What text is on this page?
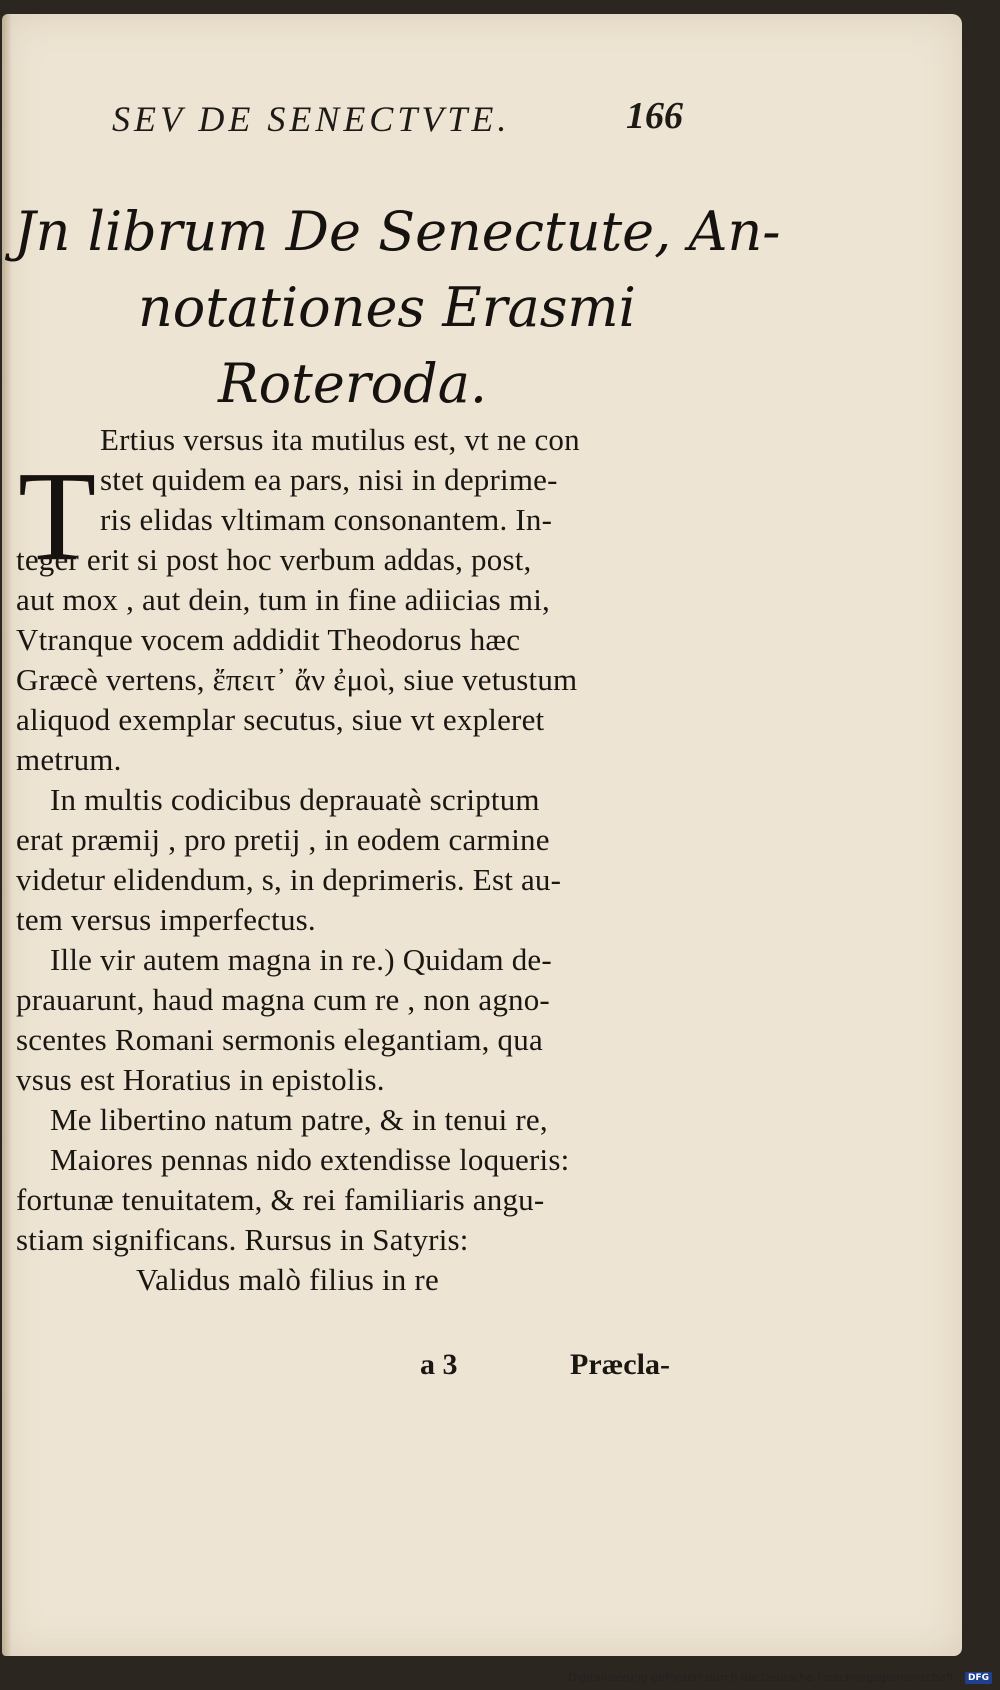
SEV DE SENECTVTE.	166
Jn librum De Senectute, An-
notationes Erasmi
Roteroda.
T
Ertius versus ita mutilus est, vt ne con
stet quidem ea pars, nisi in deprime-
ris elidas vltimam consonantem. In-
teger erit si post hoc verbum addas, post,
aut mox , aut dein, tum in fine adiicias mi,
Vtranque vocem addidit Theodorus hæc
Græcè vertens, ἔπειτ᾽ ἄν ἐμοὶ, siue vetustum
aliquod exemplar secutus, siue vt expleret
metrum.
In multis codicibus deprauatè scriptum
erat præmij , pro pretij , in eodem carmine
videtur elidendum, s, in deprimeris. Est au-
tem versus imperfectus.
Ille vir autem magna in re.) Quidam de-
prauarunt, haud magna cum re , non agno-
scentes Romani sermonis elegantiam, qua
vsus est Horatius in epistolis.
Me libertino natum patre, & in tenui re,
Maiores pennas nido extendisse loqueris:
fortunæ tenuitatem, & rei familiaris angu-
stiam significans. Rursus in Satyris:
Validus malò filius in re
a 3	Præcla-
Digitalisierung gefördert durch die Deutsche Forschungsgemeinschaft · DFG
